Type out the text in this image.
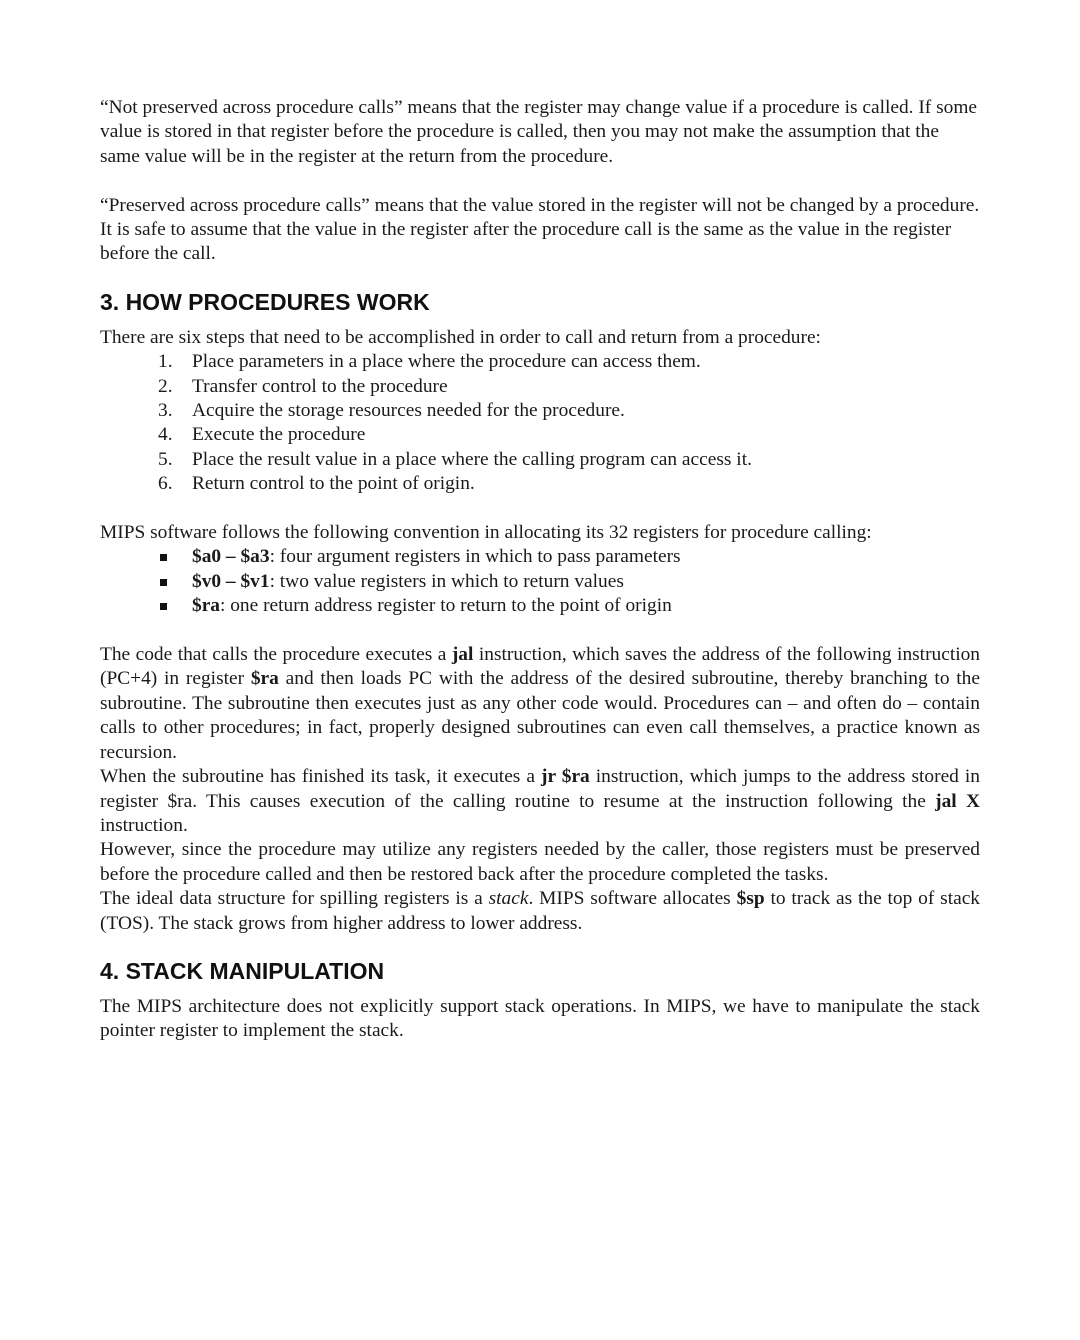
“Not preserved across procedure calls” means that the register may change value if a procedure is called. If some value is stored in that register before the procedure is called, then you may not make the assumption that the same value will be in the register at the return from the procedure.

“Preserved across procedure calls” means that the value stored in the register will not be changed by a procedure. It is safe to assume that the value in the register after the procedure call is the same as the value in the register before the call.

3. HOW PROCEDURES WORK

There are six steps that need to be accomplished in order to call and return from a procedure:

1. Place parameters in a place where the procedure can access them.
2. Transfer control to the procedure
3. Acquire the storage resources needed for the procedure.
4. Execute the procedure
5. Place the result value in a place where the calling program can access it.
6. Return control to the point of origin.

MIPS software follows the following convention in allocating its 32 registers for procedure calling:

$a0 – $a3: four argument registers in which to pass parameters
$v0 – $v1: two value registers in which to return values
$ra: one return address register to return to the point of origin

The code that calls the procedure executes a jal instruction, which saves the address of the following instruction (PC+4) in register $ra and then loads PC with the address of the desired subroutine, thereby branching to the subroutine. The subroutine then executes just as any other code would. Procedures can – and often do – contain calls to other procedures; in fact, properly designed subroutines can even call themselves, a practice known as recursion.

When the subroutine has finished its task, it executes a jr $ra instruction, which jumps to the address stored in register $ra. This causes execution of the calling routine to resume at the instruction following the jal X instruction.

However, since the procedure may utilize any registers needed by the caller, those registers must be preserved before the procedure called and then be restored back after the procedure completed the tasks.

The ideal data structure for spilling registers is a stack. MIPS software allocates $sp to track as the top of stack (TOS). The stack grows from higher address to lower address.

4. STACK MANIPULATION

The MIPS architecture does not explicitly support stack operations. In MIPS, we have to manipulate the stack pointer register to implement the stack.
